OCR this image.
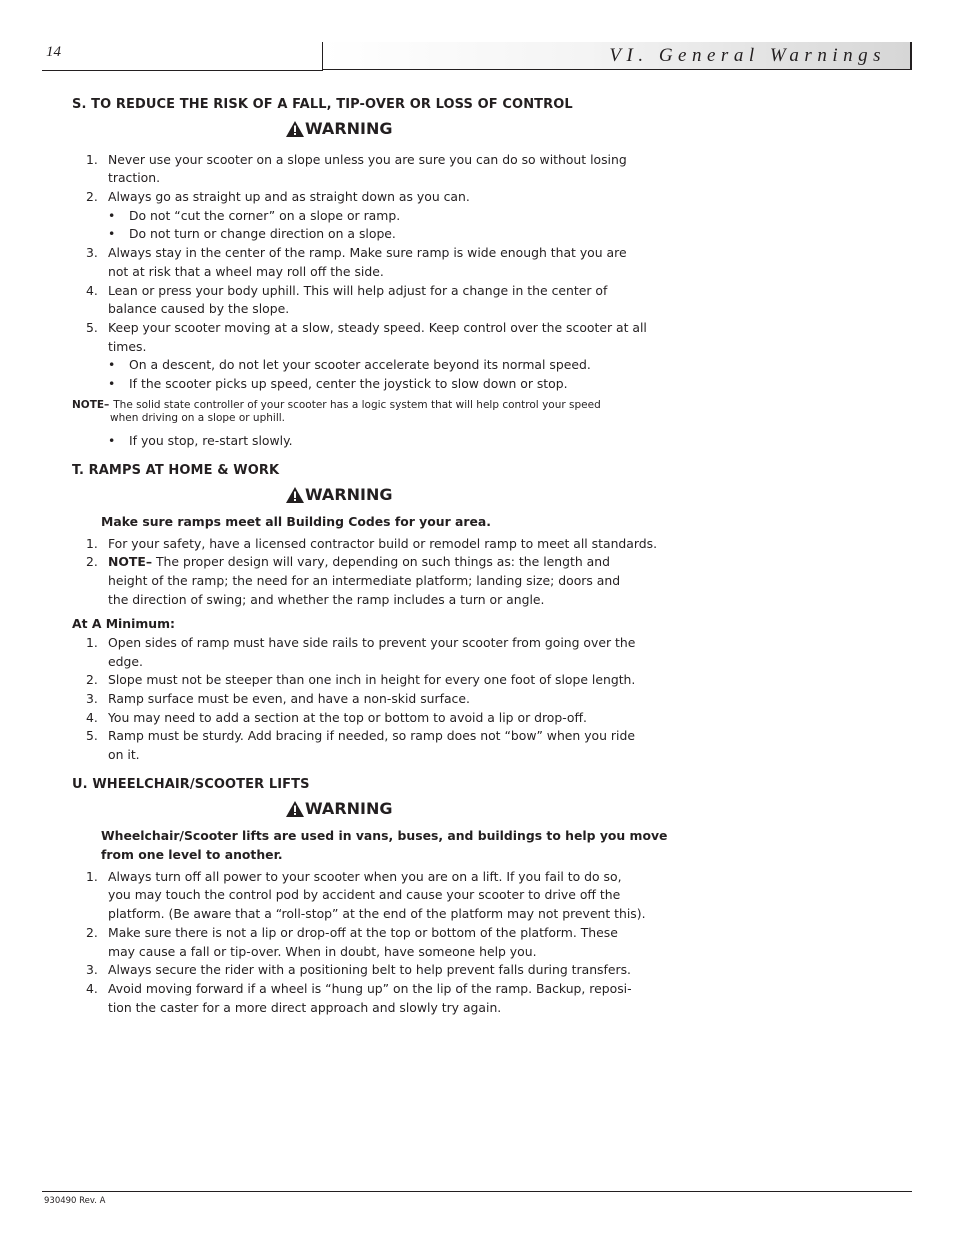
14	VI. General Warnings
S. TO REDUCE THE RISK OF A FALL, TIP-OVER OR LOSS OF CONTROL
WARNING
1. Never use your scooter on a slope unless you are sure you can do so without losing
traction.
2. Always go as straight up and as straight down as you can.
• Do not “cut the corner” on a slope or ramp.
• Do not turn or change direction on a slope.
3. Always stay in the center of the ramp. Make sure ramp is wide enough that you are
not at risk that a wheel may roll off the side.
4. Lean or press your body uphill. This will help adjust for a change in the center of
balance caused by the slope.
5. Keep your scooter moving at a slow, steady speed. Keep control over the scooter at all
times.
• On a descent, do not let your scooter accelerate beyond its normal speed.
• If the scooter picks up speed, center the joystick to slow down or stop.
NOTE– The solid state controller of your scooter has a logic system that will help control your speed
when driving on a slope or uphill.
• If you stop, re-start slowly.
T. RAMPS AT HOME & WORK
WARNING
Make sure ramps meet all Building Codes for your area.
1. For your safety, have a licensed contractor build or remodel ramp to meet all standards.
2. NOTE– The proper design will vary, depending on such things as: the length and
height of the ramp; the need for an intermediate platform; landing size; doors and
the direction of swing; and whether the ramp includes a turn or angle.
At A Minimum:
1. Open sides of ramp must have side rails to prevent your scooter from going over the
edge.
2. Slope must not be steeper than one inch in height for every one foot of slope length.
3. Ramp surface must be even, and have a non-skid surface.
4. You may need to add a section at the top or bottom to avoid a lip or drop-off.
5. Ramp must be sturdy. Add bracing if needed, so ramp does not “bow” when you ride
on it.
U. WHEELCHAIR/SCOOTER LIFTS
WARNING
Wheelchair/Scooter lifts are used in vans, buses, and buildings to help you move
from one level to another.
1. Always turn off all power to your scooter when you are on a lift. If you fail to do so,
you may touch the control pod by accident and cause your scooter to drive off the
platform. (Be aware that a “roll-stop” at the end of the platform may not prevent this).
2. Make sure there is not a lip or drop-off at the top or bottom of the platform. These
may cause a fall or tip-over. When in doubt, have someone help you.
3. Always secure the rider with a positioning belt to help prevent falls during transfers.
4. Avoid moving forward if a wheel is “hung up” on the lip of the ramp. Backup, reposi-
tion the caster for a more direct approach and slowly try again.
930490 Rev. A
